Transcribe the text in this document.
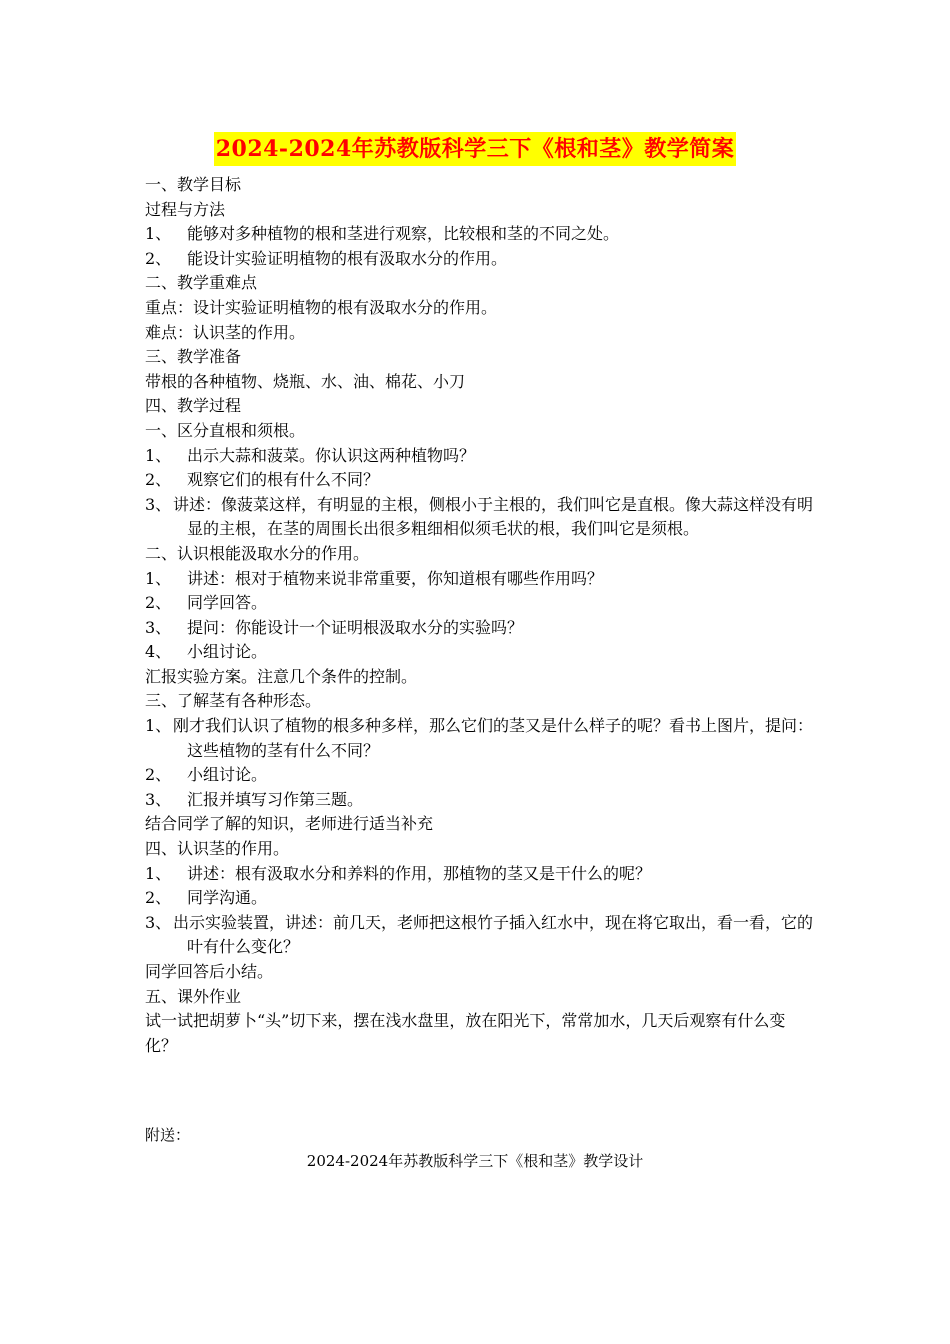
2024-2024年苏教版科学三下《根和茎》教学简案
一、教学目标
过程与方法
1、 能够对多种植物的根和茎进行观察，比较根和茎的不同之处。
2、 能设计实验证明植物的根有汲取水分的作用。
二、教学重难点
重点：设计实验证明植物的根有汲取水分的作用。
难点：认识茎的作用。
三、教学准备
带根的各种植物、烧瓶、水、油、棉花、小刀
四、教学过程
一、区分直根和须根。
1、 出示大蒜和菠菜。你认识这两种植物吗？
2、 观察它们的根有什么不同？
3、 讲述：像菠菜这样，有明显的主根，侧根小于主根的，我们叫它是直根。像大蒜这样没有明显的主根，在茎的周围长出很多粗细相似须毛状的根，我们叫它是须根。
二、认识根能汲取水分的作用。
1、 讲述：根对于植物来说非常重要，你知道根有哪些作用吗？
2、 同学回答。
3、 提问：你能设计一个证明根汲取水分的实验吗？
4、 小组讨论。
汇报实验方案。注意几个条件的控制。
三、了解茎有各种形态。
1、 刚才我们认识了植物的根多种多样，那么它们的茎又是什么样子的呢？看书上图片，提问：这些植物的茎有什么不同？
2、 小组讨论。
3、 汇报并填写习作第三题。
结合同学了解的知识，老师进行适当补充
四、认识茎的作用。
1、 讲述：根有汲取水分和养料的作用，那植物的茎又是干什么的呢？
2、 同学沟通。
3、 出示实验装置，讲述：前几天，老师把这根竹子插入红水中，现在将它取出，看一看，它的叶有什么变化？
同学回答后小结。
五、课外作业
试一试把胡萝卜“头”切下来，摆在浅水盘里，放在阳光下，常常加水，几天后观察有什么变化？
附送：
2024-2024年苏教版科学三下《根和茎》教学设计
